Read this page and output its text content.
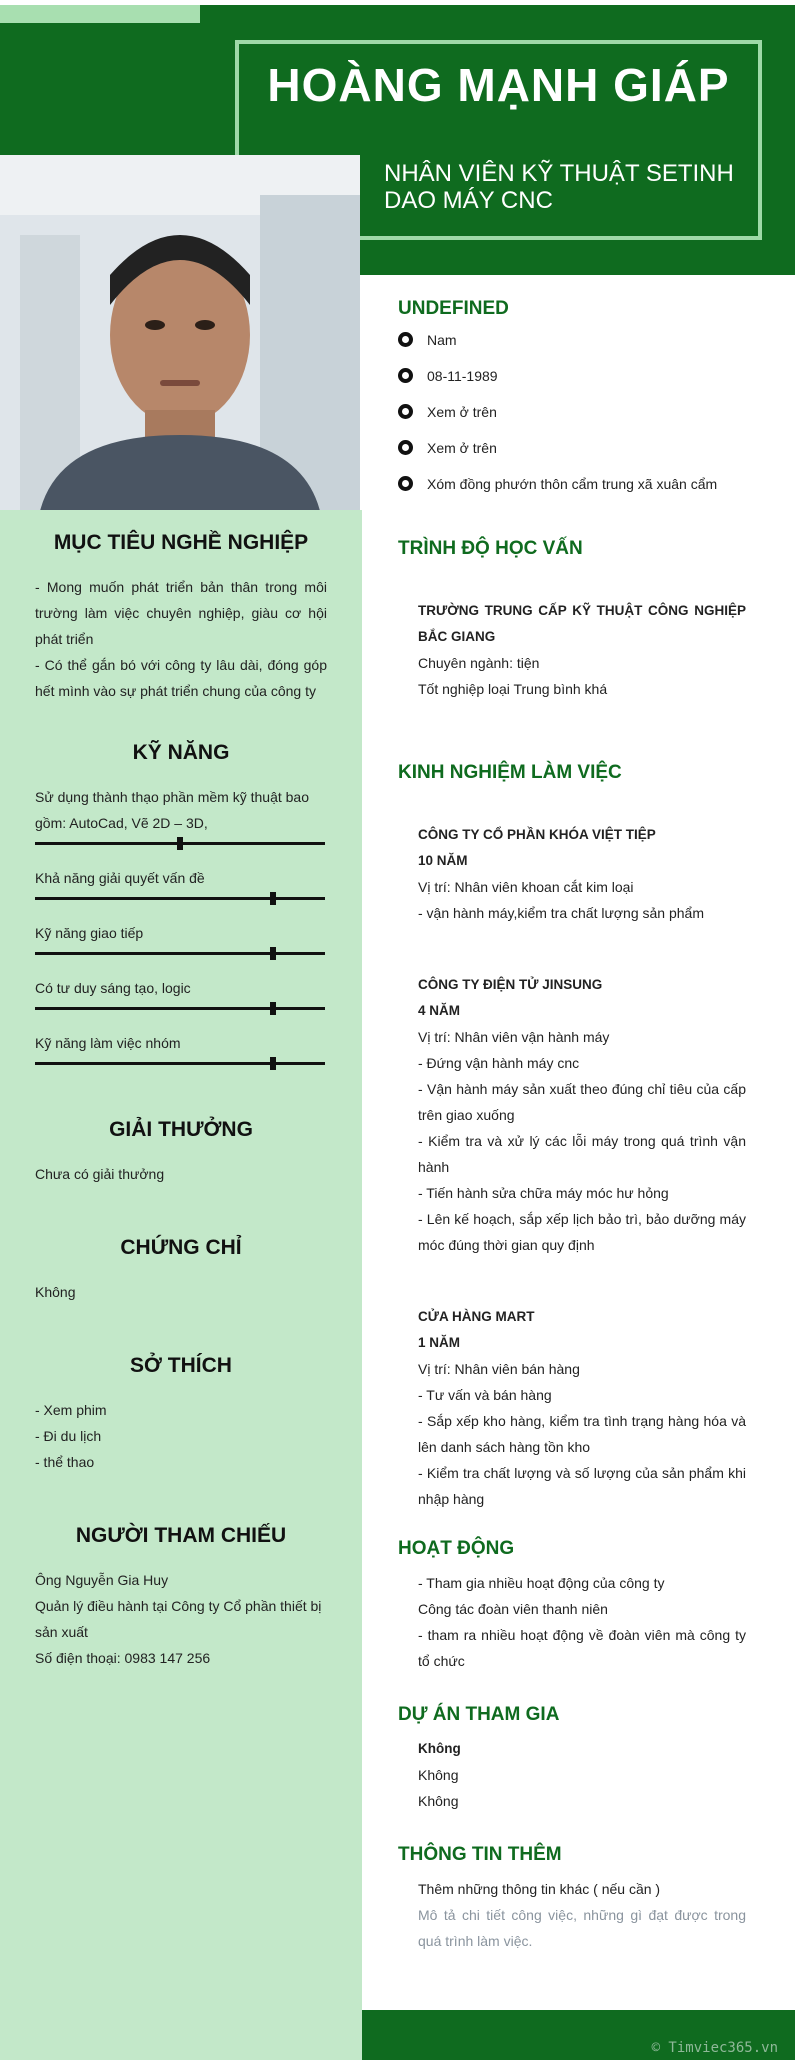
HOÀNG MẠNH GIÁP
NHÂN VIÊN KỸ THUẬT SETINH DAO MÁY CNC
MỤC TIÊU NGHỀ NGHIỆP
- Mong muốn phát triển bản thân trong môi trường làm việc chuyên nghiệp, giàu cơ hội phát triển
- Có thể gắn bó với công ty lâu dài, đóng góp hết mình vào sự phát triển chung của công ty
KỸ NĂNG
Sử dụng thành thạo phần mềm kỹ thuật bao gồm: AutoCad, Vẽ 2D – 3D,
Khả năng giải quyết vấn đề
Kỹ năng giao tiếp
Có tư duy sáng tạo, logic
Kỹ năng làm việc nhóm
GIẢI THƯỞNG
Chưa có giải thưởng
CHỨNG CHỈ
Không
SỞ THÍCH
- Xem phim
- Đi du lịch
- thể thao
NGƯỜI THAM CHIẾU
Ông Nguyễn Gia Huy
Quản lý điều hành tại Công ty Cổ phần thiết bị sản xuất
Số điện thoại: 0983 147 256
UNDEFINED
Nam
08-11-1989
Xem ở trên
Xem ở trên
Xóm đồng phướn thôn cẩm trung xã xuân cẩm
TRÌNH ĐỘ HỌC VẤN
TRƯỜNG TRUNG CẤP KỸ THUẬT CÔNG NGHIỆP BẮC GIANG
Chuyên ngành: tiện
Tốt nghiệp loại Trung bình khá
KINH NGHIỆM LÀM VIỆC
CÔNG TY CỔ PHẦN KHÓA VIỆT TIỆP
10 NĂM
Vị trí: Nhân viên khoan cắt kim loại
- vận hành máy,kiểm tra chất lượng sản phẩm
CÔNG TY ĐIỆN TỬ JINSUNG
4 NĂM
Vị trí: Nhân viên vận hành máy
- Đứng vận hành máy cnc
- Vận hành máy sản xuất theo đúng chỉ tiêu của cấp trên giao xuống
- Kiểm tra và xử lý các lỗi máy trong quá trình vận hành
- Tiến hành sửa chữa máy móc hư hỏng
- Lên kế hoạch, sắp xếp lịch bảo trì, bảo dưỡng máy móc đúng thời gian quy định
CỬA HÀNG MART
1 NĂM
Vị trí: Nhân viên bán hàng
- Tư vấn và bán hàng
- Sắp xếp kho hàng, kiểm tra tình trạng hàng hóa và lên danh sách hàng tồn kho
- Kiểm tra chất lượng và số lượng của sản phẩm khi nhập hàng
HOẠT ĐỘNG
- Tham gia nhiều hoạt động của công ty
Công tác đoàn viên thanh niên
- tham ra nhiều hoạt động về đoàn viên mà công ty tổ chức
DỰ ÁN THAM GIA
Không
Không
Không
THÔNG TIN THÊM
Thêm những thông tin khác ( nếu cần )
Mô tả chi tiết công việc, những gì đạt được trong quá trình làm việc.
© Timviec365.vn
